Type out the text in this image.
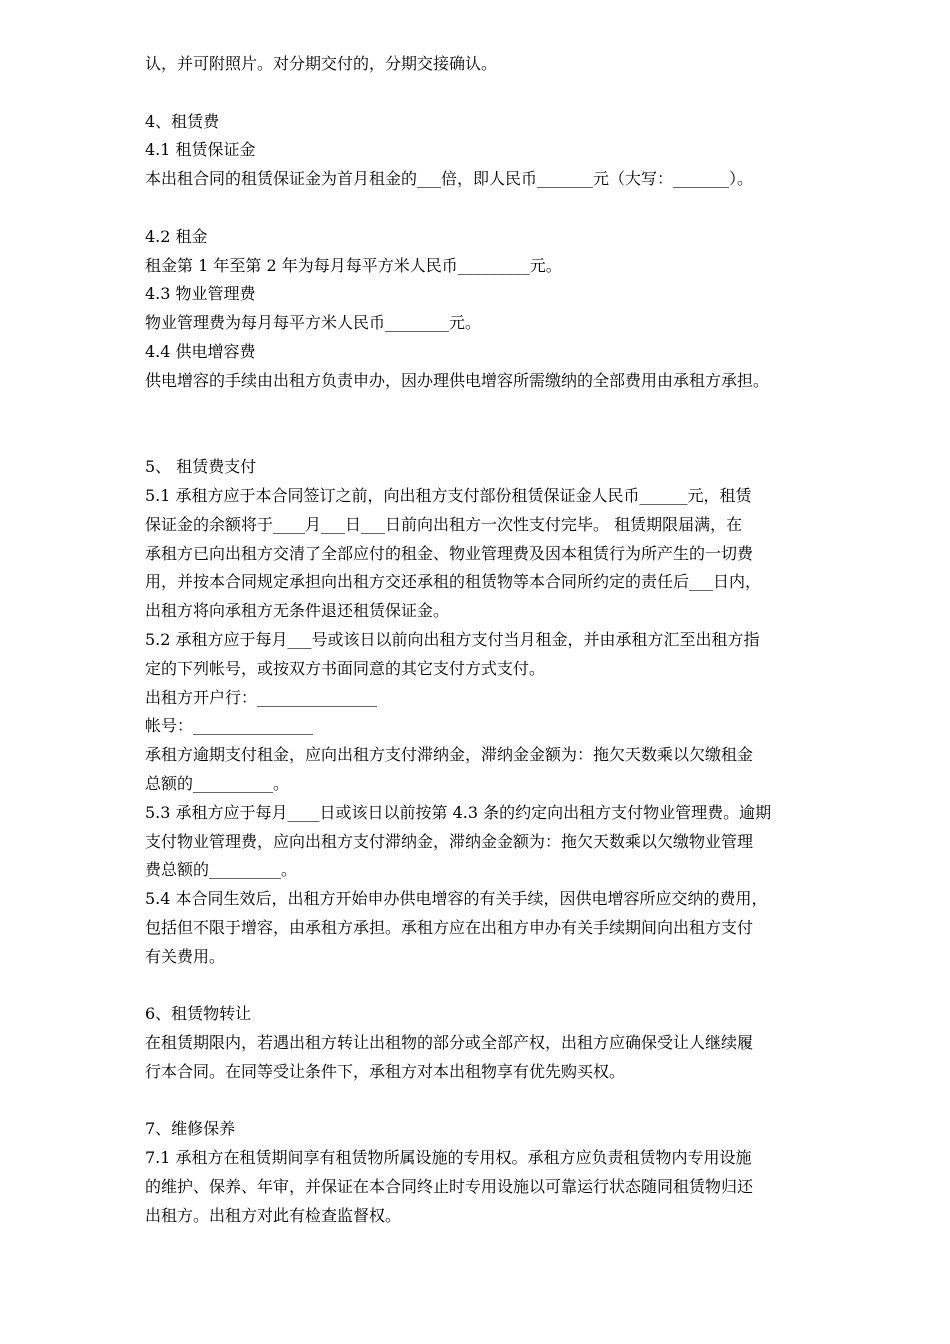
认，并可附照片。对分期交付的，分期交接确认。
4、租赁费
4.1 租赁保证金
本出租合同的租赁保证金为首月租金的___倍，即人民币_______元（大写：_______）。
4.2 租金
租金第 1 年至第 2 年为每月每平方米人民币_________元。
4.3 物业管理费
物业管理费为每月每平方米人民币________元。
4.4 供电增容费
供电增容的手续由出租方负责申办，因办理供电增容所需缴纳的全部费用由承租方承担。
5、 租赁费支付
5.1 承租方应于本合同签订之前，向出租方支付部份租赁保证金人民币______元，租赁
保证金的余额将于____月___日___日前向出租方一次性支付完毕。 租赁期限届满，在
承租方已向出租方交清了全部应付的租金、物业管理费及因本租赁行为所产生的一切费
用，并按本合同规定承担向出租方交还承租的租赁物等本合同所约定的责任后___日内，
出租方将向承租方无条件退还租赁保证金。
5.2 承租方应于每月___号或该日以前向出租方支付当月租金，并由承租方汇至出租方指
定的下列帐号，或按双方书面同意的其它支付方式支付。
出租方开户行：_______________
帐号：_______________
承租方逾期支付租金，应向出租方支付滞纳金，滞纳金金额为：拖欠天数乘以欠缴租金
总额的__________。
5.3 承租方应于每月____日或该日以前按第 4.3 条的约定向出租方支付物业管理费。逾期
支付物业管理费，应向出租方支付滞纳金，滞纳金金额为：拖欠天数乘以欠缴物业管理
费总额的_________。
5.4 本合同生效后，出租方开始申办供电增容的有关手续，因供电增容所应交纳的费用，
包括但不限于增容，由承租方承担。承租方应在出租方申办有关手续期间向出租方支付
有关费用。
6、租赁物转让
在租赁期限内，若遇出租方转让出租物的部分或全部产权，出租方应确保受让人继续履
行本合同。在同等受让条件下，承租方对本出租物享有优先购买权。
7、维修保养
7.1 承租方在租赁期间享有租赁物所属设施的专用权。承租方应负责租赁物内专用设施
的维护、保养、年审，并保证在本合同终止时专用设施以可靠运行状态随同租赁物归还
出租方。出租方对此有检查监督权。
